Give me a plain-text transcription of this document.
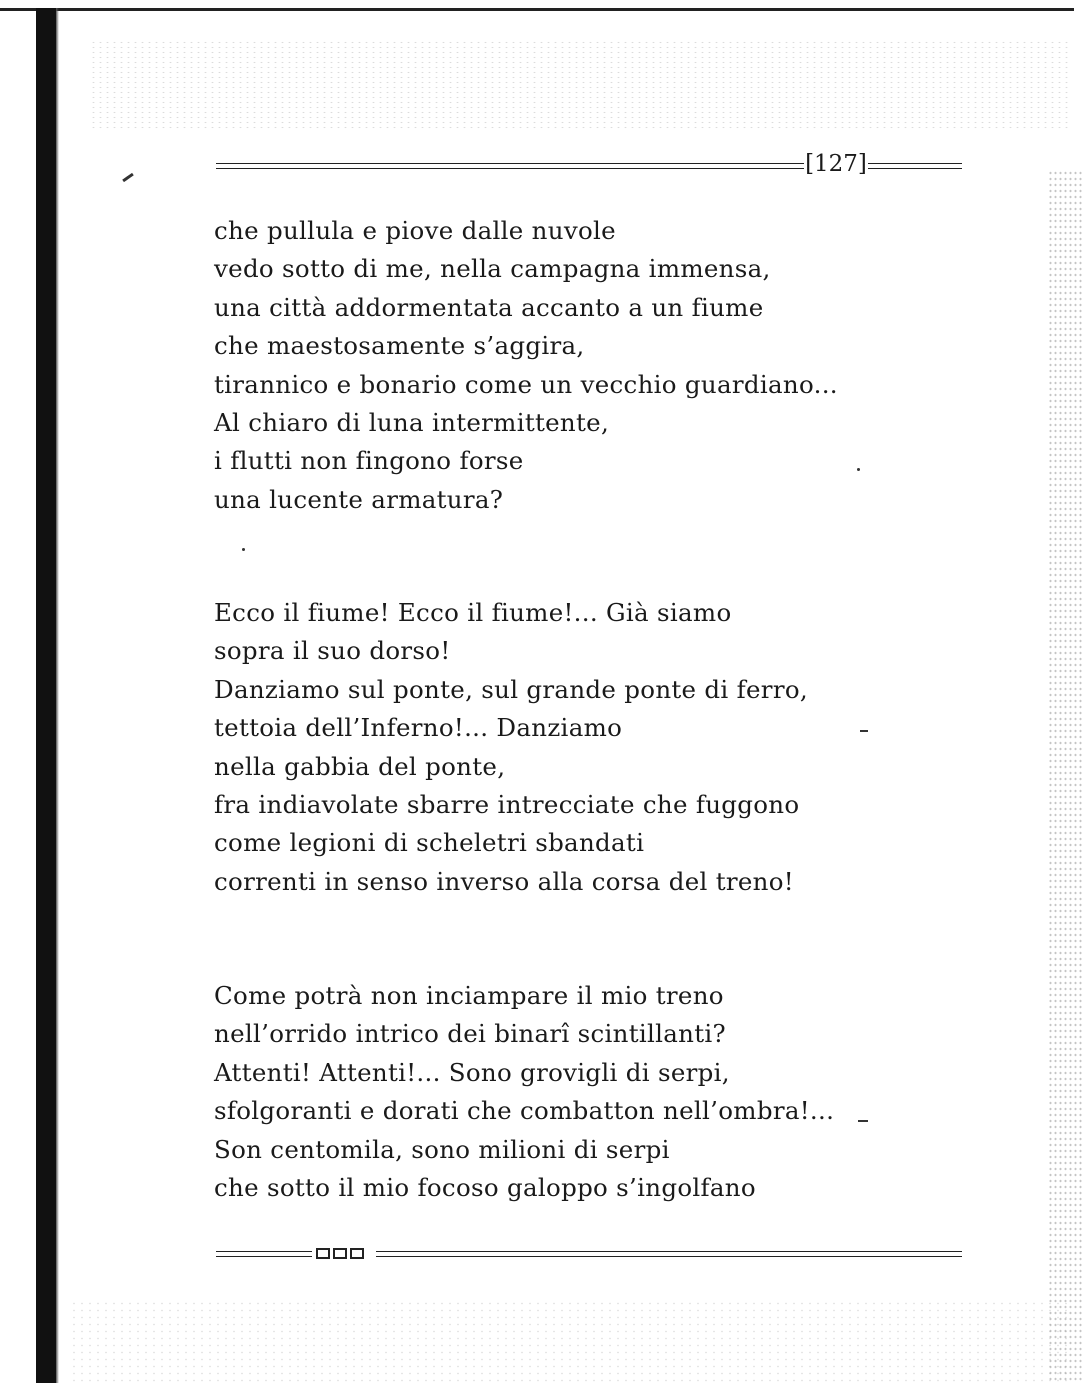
[127]
che pullula e piove dalle nuvole
vedo sotto di me, nella campagna immensa,
una città addormentata accanto a un fiume
che maestosamente s’aggira,
tirannico e bonario come un vecchio guardiano...
Al chiaro di luna intermittente,
i flutti non fingono forse
una lucente armatura?
Ecco il fiume! Ecco il fiume!... Già siamo
sopra il suo dorso!
Danziamo sul ponte, sul grande ponte di ferro,
tettoia dell’Inferno!... Danziamo
nella gabbia del ponte,
fra indiavolate sbarre intrecciate che fuggono
come legioni di scheletri sbandati
correnti in senso inverso alla corsa del treno!
Come potrà non inciampare il mio treno
nell’orrido intrico dei binarî scintillanti?
Attenti! Attenti!... Sono grovigli di serpi,
sfolgoranti e dorati che combatton nell’ombra!...
Son centomila, sono milioni di serpi
che sotto il mio focoso galoppo s’ingolfano
